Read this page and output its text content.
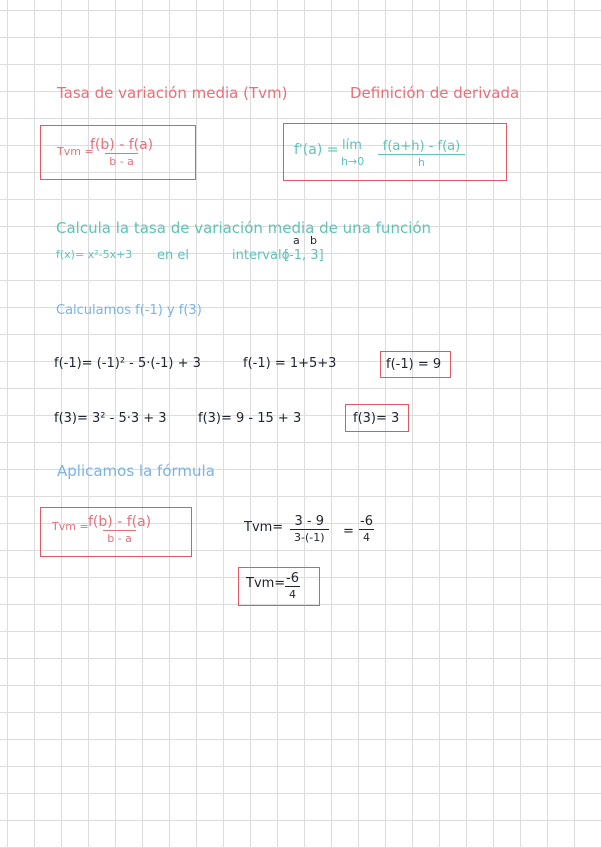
Tasa de variación media (Tvm)	Definición de derivada
Tvm =
f(b) - f(a)
b - a
f'(a) = lím
h→0
f(a+h) - f(a)
h
Calcula la tasa de variación media de una función
f(x)= x²-5x+3 en el	intervalo
a b
[-1, 3]
Calculamos f(-1) y f(3)
f(-1)= (-1)² - 5·(-1) + 3	f(-1) = 1+5+3	f(-1) = 9
f(3)= 3² - 5·3 + 3 f(3)= 9 - 15 + 3	f(3)= 3
Aplicamos la fórmula
Tvm = f(b) - f(a)
b - a
Tvm= 3 - 9
3-(-1)	=
-6
4
Tvm= -6
4
